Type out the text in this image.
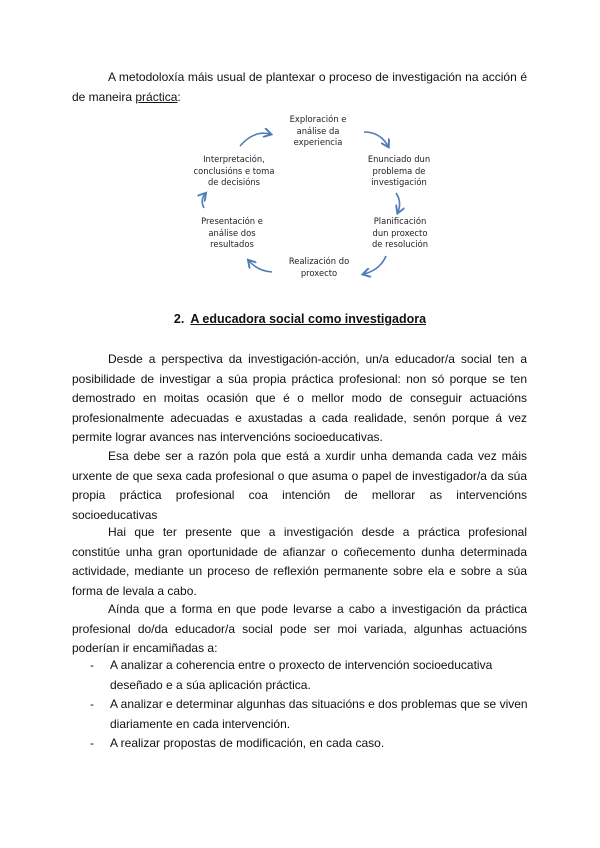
A metodoloxía máis usual de plantexar o proceso de investigación na acción é de maneira práctica:

Exploración e
análise da
experiencia
Enunciado dun
problema de
investigación
Planificación
dun proxecto
de resolución
Realización do
proxecto
Presentación e
análise dos
resultados
Interpretación,
conclusións e toma
de decisións

2. A educadora social como investigadora

Desde a perspectiva da investigación-acción, un/a educador/a social ten a posibilidade de investigar a súa propia práctica profesional: non só porque se ten demostrado en moitas ocasión que é o mellor modo de conseguir actuacións profesionalmente adecuadas e axustadas a cada realidade, senón porque á vez permite lograr avances nas intervencións socioeducativas.

Esa debe ser a razón pola que está a xurdir unha demanda cada vez máis urxente de que sexa cada profesional o que asuma o papel de investigador/a da súa propia práctica profesional coa intención de mellorar as intervencións socioeducativas

Hai que ter presente que a investigación desde a práctica profesional constitúe unha gran oportunidade de afianzar o coñecemento dunha determinada actividade, mediante un proceso de reflexión permanente sobre ela e sobre a súa forma de levala a cabo.

Aínda que a forma en que pode levarse a cabo a investigación da práctica profesional do/da educador/a social pode ser moi variada, algunhas actuacións poderían ir encamiñadas a:

- A analizar a coherencia entre o proxecto de intervención socioeducativa deseñado e a súa aplicación práctica.
- A analizar e determinar algunhas das situacións e dos problemas que se viven diariamente en cada intervención.
- A realizar propostas de modificación, en cada caso.
